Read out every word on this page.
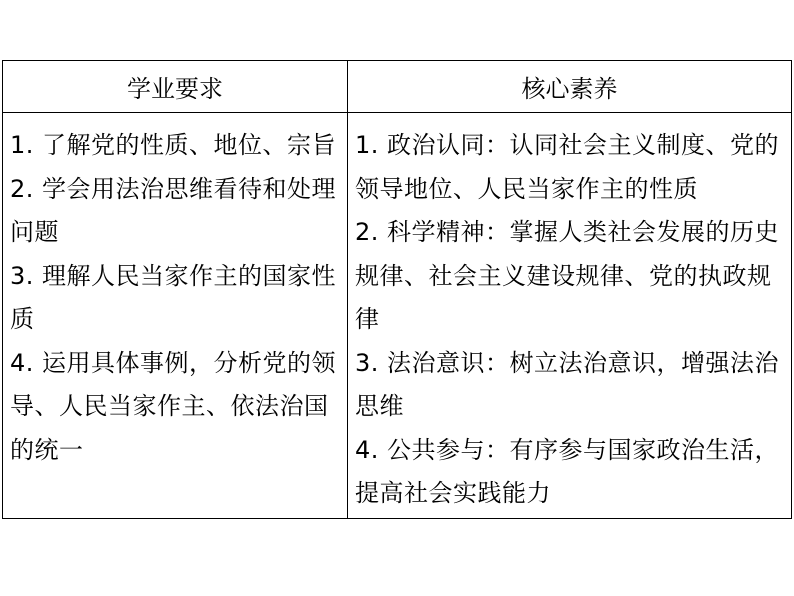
学业要求	核心素养
1. 了解党的性质、地位、宗旨
2. 学会用法治思维看待和处理问题
3. 理解人民当家作主的国家性质
4. 运用具体事例，分析党的领导、人民当家作主、依法治国的统一
1. 政治认同：认同社会主义制度、党的领导地位、人民当家作主的性质
2. 科学精神：掌握人类社会发展的历史规律、社会主义建设规律、党的执政规律
3. 法治意识：树立法治意识，增强法治思维
4. 公共参与：有序参与国家政治生活，提高社会实践能力
